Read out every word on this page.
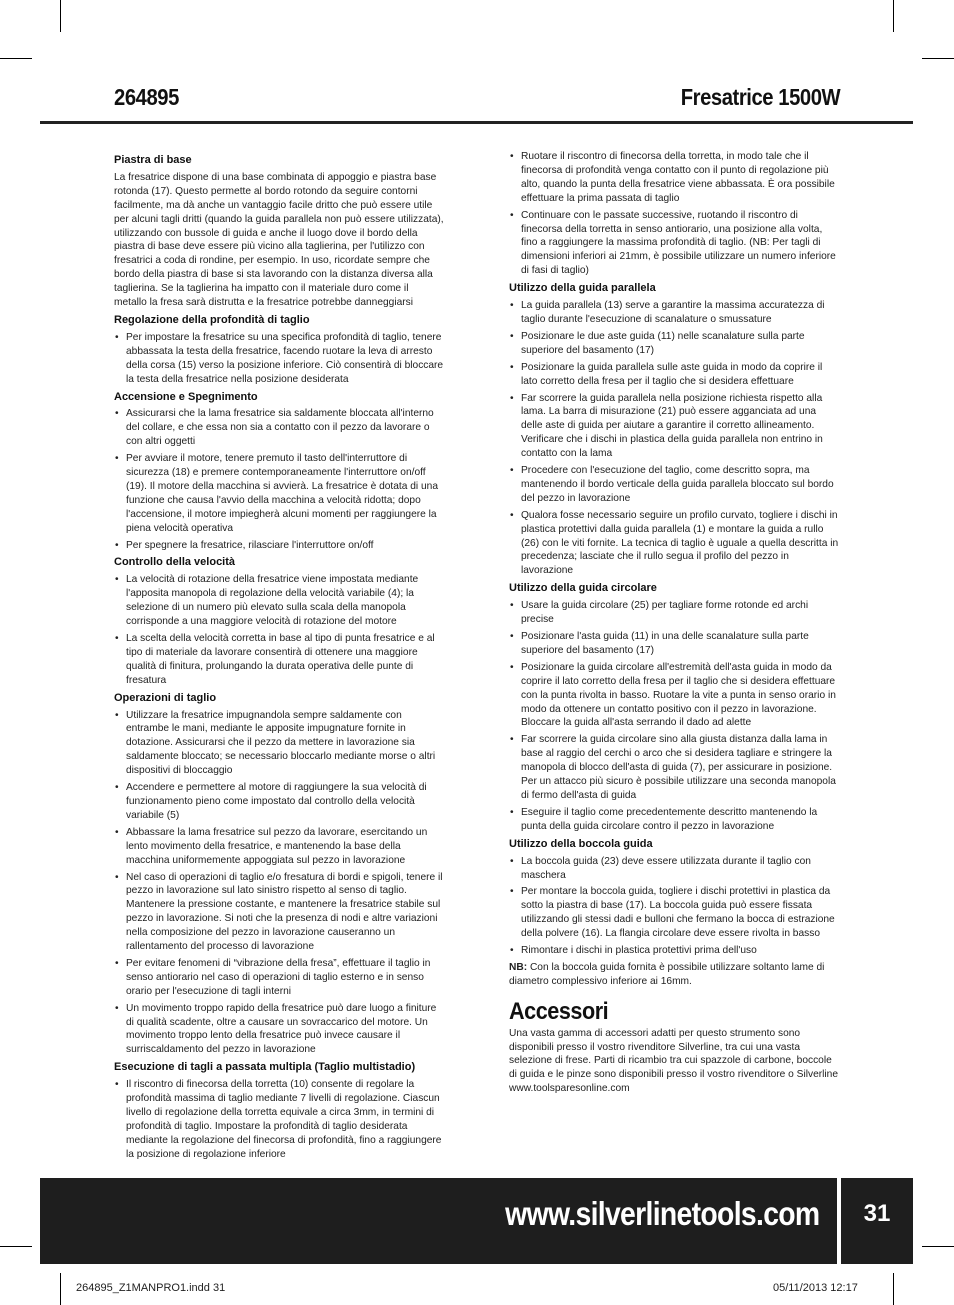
264895	Fresatrice 1500W
Piastra di base

La fresatrice dispone di una base combinata di appoggio e piastra base rotonda (17). Questo permette al bordo rotondo da seguire contorni facilmente, ma dà anche un vantaggio facile dritto che può essere utile per alcuni tagli dritti (quando la guida parallela non può essere utilizzata), utilizzando con bussole di guida e anche il luogo dove il bordo della piastra di base deve essere più vicino alla taglierina, per l'utilizzo con fresatrici a coda di rondine, per esempio. In uso, ricordate sempre che bordo della piastra di base si sta lavorando con la distanza diversa alla taglierina. Se la taglierina ha impatto con il materiale duro come il metallo la fresa sarà distrutta e la fresatrice potrebbe danneggiarsi

Regolazione della profondità di taglio
• Per impostare la fresatrice su una specifica profondità di taglio, tenere abbassata la testa della fresatrice, facendo ruotare la leva di arresto della corsa (15) verso la posizione inferiore. Ciò consentirà di bloccare la testa della fresatrice nella posizione desiderata
Accensione e Spegnimento
• Assicurarsi che la lama fresatrice sia saldamente bloccata all'interno del collare, e che essa non sia a contatto con il pezzo da lavorare o con altri oggetti
• Per avviare il motore, tenere premuto il tasto dell'interruttore di sicurezza (18) e premere contemporaneamente l'interruttore on/off (19). Il motore della macchina si avvierà. La fresatrice è dotata di una funzione che causa l'avvio della macchina a velocità ridotta; dopo l'accensione, il motore impiegherà alcuni momenti per raggiungere la piena velocità operativa
• Per spegnere la fresatrice, rilasciare l'interruttore on/off
Controllo della velocità
• La velocità di rotazione della fresatrice viene impostata mediante l'apposita manopola di regolazione della velocità variabile (4); la selezione di un numero più elevato sulla scala della manopola corrisponde a una maggiore velocità di rotazione del motore
• La scelta della velocità corretta in base al tipo di punta fresatrice e al tipo di materiale da lavorare consentirà di ottenere una maggiore qualità di finitura, prolungando la durata operativa delle punte di fresatura
Operazioni di taglio
• Utilizzare la fresatrice impugnandola sempre saldamente con entrambe le mani, mediante le apposite impugnature fornite in dotazione. Assicurarsi che il pezzo da mettere in lavorazione sia saldamente bloccato; se necessario bloccarlo mediante morse o altri dispositivi di bloccaggio
• Accendere e permettere al motore di raggiungere la sua velocità di funzionamento pieno come impostato dal controllo della velocità variabile (5)
• Abbassare la lama fresatrice sul pezzo da lavorare, esercitando un lento movimento della fresatrice, e mantenendo la base della macchina uniformemente appoggiata sul pezzo in lavorazione
• Nel caso di operazioni di taglio e/o fresatura di bordi e spigoli, tenere il pezzo in lavorazione sul lato sinistro rispetto al senso di taglio. Mantenere la pressione costante, e mantenere la fresatrice stabile sul pezzo in lavorazione. Si noti che la presenza di nodi e altre variazioni nella composizione del pezzo in lavorazione causeranno un rallentamento del processo di lavorazione
• Per evitare fenomeni di “vibrazione della fresa”, effettuare il taglio in senso antiorario nel caso di operazioni di taglio esterno e in senso orario per l'esecuzione di tagli interni
• Un movimento troppo rapido della fresatrice può dare luogo a finiture di qualità scadente, oltre a causare un sovraccarico del motore. Un movimento troppo lento della fresatrice può invece causare il surriscaldamento del pezzo in lavorazione
Esecuzione di tagli a passata multipla (Taglio multistadio)
• Il riscontro di finecorsa della torretta (10) consente di regolare la profondità massima di taglio mediante 7 livelli di regolazione. Ciascun livello di regolazione della torretta equivale a circa 3mm, in termini di profondità di taglio. Impostare la profondità di taglio desiderata mediante la regolazione del finecorsa di profondità, fino a raggiungere la posizione di regolazione inferiore
• Ruotare il riscontro di finecorsa della torretta, in modo tale che il finecorsa di profondità venga contatto con il punto di regolazione più alto, quando la punta della fresatrice viene abbassata. È ora possibile effettuare la prima passata di taglio
• Continuare con le passate successive, ruotando il riscontro di finecorsa della torretta in senso antiorario, una posizione alla volta, fino a raggiungere la massima profondità di taglio. (NB: Per tagli di dimensioni inferiori ai 21mm, è possibile utilizzare un numero inferiore di fasi di taglio)
Utilizzo della guida parallela
• La guida parallela (13) serve a garantire la massima accuratezza di taglio durante l'esecuzione di scanalature o smussature
• Posizionare le due aste guida (11) nelle scanalature sulla parte superiore del basamento (17)
• Posizionare la guida parallela sulle aste guida in modo da coprire il lato corretto della fresa per il taglio che si desidera effettuare
• Far scorrere la guida parallela nella posizione richiesta rispetto alla lama. La barra di misurazione (21) può essere agganciata ad una delle aste di guida per aiutare a garantire il corretto allineamento. Verificare che i dischi in plastica della guida parallela non entrino in contatto con la lama
• Procedere con l'esecuzione del taglio, come descritto sopra, ma mantenendo il bordo verticale della guida parallela bloccato sul bordo del pezzo in lavorazione
• Qualora fosse necessario seguire un profilo curvato, togliere i dischi in plastica protettivi dalla guida parallela (1) e montare la guida a rullo (26) con le viti fornite. La tecnica di taglio è uguale a quella descritta in precedenza; lasciate che il rullo segua il profilo del pezzo in lavorazione
Utilizzo della guida circolare
• Usare la guida circolare (25) per tagliare forme rotonde ed archi precise
• Posizionare l'asta guida (11) in una delle scanalature sulla parte superiore del basamento (17)
• Posizionare la guida circolare all'estremità dell'asta guida in modo da coprire il lato corretto della fresa per il taglio che si desidera effettuare con la punta rivolta in basso. Ruotare la vite a punta in senso orario in modo da ottenere un contatto positivo con il pezzo in lavorazione. Bloccare la guida all'asta serrando il dado ad alette
• Far scorrere la guida circolare sino alla giusta distanza dalla lama in base al raggio del cerchi o arco che si desidera tagliare e stringere la manopola di blocco dell'asta di guida (7), per assicurare in posizione. Per un attacco più sicuro è possibile utilizzare una seconda manopola di fermo dell'asta di guida
• Eseguire il taglio come precedentemente descritto mantenendo la punta della guida circolare contro il pezzo in lavorazione
Utilizzo della boccola guida
• La boccola guida (23) deve essere utilizzata durante il taglio con maschera
• Per montare la boccola guida, togliere i dischi protettivi in plastica da sotto la piastra di base (17). La boccola guida può essere fissata utilizzando gli stessi dadi e bulloni che fermano la bocca di estrazione della polvere (16). La flangia circolare deve essere rivolta in basso
• Rimontare i dischi in plastica protettivi prima dell'uso

NB: Con la boccola guida fornita è possibile utilizzare soltanto lame di diametro complessivo inferiore ai 16mm.

Accessori

Una vasta gamma di accessori adatti per questo strumento sono disponibili presso il vostro rivenditore Silverline, tra cui una vasta selezione di frese. Parti di ricambio tra cui spazzole di carbone, boccole di guida e le pinze sono disponibili presso il vostro rivenditore o Silverline www.toolsparesonline.com

www.silverlinetools.com	31
264895_Z1MANPRO1.indd 31	05/11/2013 12:17
